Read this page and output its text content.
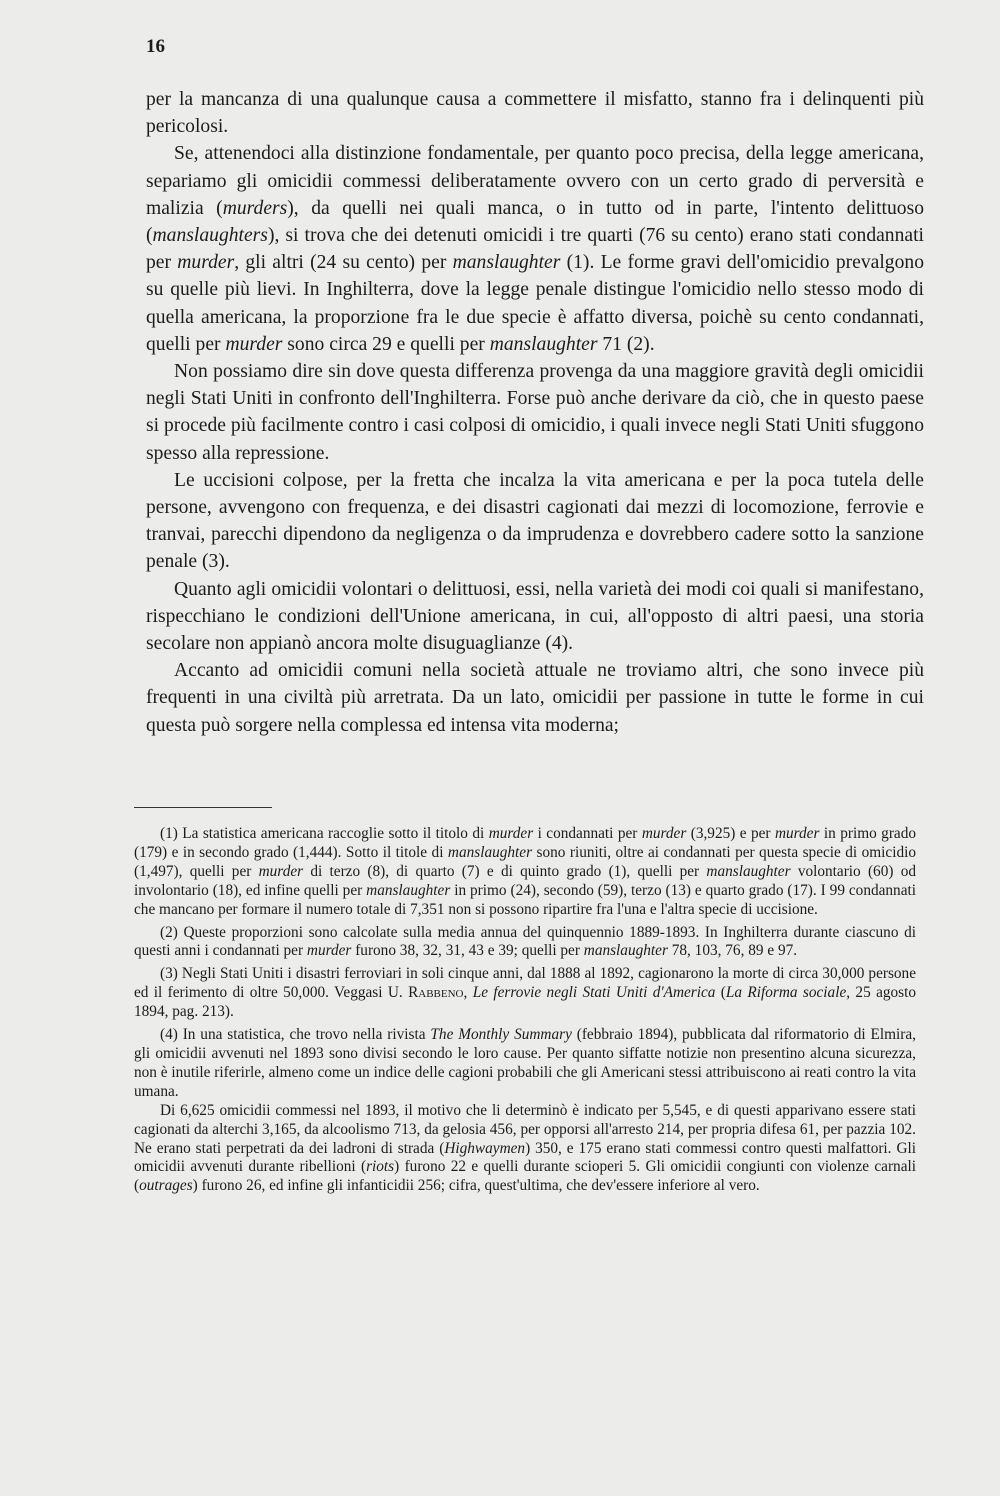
16

per la mancanza di una qualunque causa a commettere il misfatto, stanno fra i delinquenti più pericolosi.

Se, attenendoci alla distinzione fondamentale, per quanto poco precisa, della legge americana, separiamo gli omicidii commessi deliberatamente ovvero con un certo grado di perversità e malizia (murders), da quelli nei quali manca, o in tutto od in parte, l'intento delittuoso (manslaughters), si trova che dei detenuti omicidi i tre quarti (76 su cento) erano stati condannati per murder, gli altri (24 su cento) per manslaughter (1). Le forme gravi dell'omicidio prevalgono su quelle più lievi. In Inghilterra, dove la legge penale distingue l'omicidio nello stesso modo di quella americana, la proporzione fra le due specie è affatto diversa, poichè su cento condannati, quelli per murder sono circa 29 e quelli per manslaughter 71 (2).

Non possiamo dire sin dove questa differenza provenga da una maggiore gravità degli omicidii negli Stati Uniti in confronto dell'Inghilterra. Forse può anche derivare da ciò, che in questo paese si procede più facilmente contro i casi colposi di omicidio, i quali invece negli Stati Uniti sfuggono spesso alla repressione.

Le uccisioni colpose, per la fretta che incalza la vita americana e per la poca tutela delle persone, avvengono con frequenza, e dei disastri cagionati dai mezzi di locomozione, ferrovie e tranvai, parecchi dipendono da negligenza o da imprudenza e dovrebbero cadere sotto la sanzione penale (3).

Quanto agli omicidii volontari o delittuosi, essi, nella varietà dei modi coi quali si manifestano, rispecchiano le condizioni dell'Unione americana, in cui, all'opposto di altri paesi, una storia secolare non appianò ancora molte disuguaglianze (4).

Accanto ad omicidii comuni nella società attuale ne troviamo altri, che sono invece più frequenti in una civiltà più arretrata. Da un lato, omicidii per passione in tutte le forme in cui questa può sorgere nella complessa ed intensa vita moderna;

(1) La statistica americana raccoglie sotto il titolo di murder i condannati per murder (3,925) e per murder in primo grado (179) e in secondo grado (1,444). Sotto il titole di manslaughter sono riuniti, oltre ai condannati per questa specie di omicidio (1,497), quelli per murder di terzo (8), di quarto (7) e di quinto grado (1), quelli per manslaughter volontario (60) od involontario (18), ed infine quelli per manslaughter in primo (24), secondo (59), terzo (13) e quarto grado (17). I 99 condannati che mancano per formare il numero totale di 7,351 non si possono ripartire fra l'una e l'altra specie di uccisione.

(2) Queste proporzioni sono calcolate sulla media annua del quinquennio 1889-1893. In Inghilterra durante ciascuno di questi anni i condannati per murder furono 38, 32, 31, 43 e 39; quelli per manslaughter 78, 103, 76, 89 e 97.

(3) Negli Stati Uniti i disastri ferroviari in soli cinque anni, dal 1888 al 1892, cagionarono la morte di circa 30,000 persone ed il ferimento di oltre 50,000. Veggasi U. Rabbeno, Le ferrovie negli Stati Uniti d'America (La Riforma sociale, 25 agosto 1894, pag. 213).

(4) In una statistica, che trovo nella rivista The Monthly Summary (febbraio 1894), pubblicata dal riformatorio di Elmira, gli omicidii avvenuti nel 1893 sono divisi secondo le loro cause. Per quanto siffatte notizie non presentino alcuna sicurezza, non è inutile riferirle, almeno come un indice delle cagioni probabili che gli Americani stessi attribuiscono ai reati contro la vita umana.

Di 6,625 omicidii commessi nel 1893, il motivo che li determinò è indicato per 5,545, e di questi apparivano essere stati cagionati da alterchi 3,165, da alcoolismo 713, da gelosia 456, per opporsi all'arresto 214, per propria difesa 61, per pazzia 102. Ne erano stati perpetrati da dei ladroni di strada (Highwaymen) 350, e 175 erano stati commessi contro questi malfattori. Gli omicidii avvenuti durante ribellioni (riots) furono 22 e quelli durante scioperi 5. Gli omicidii congiunti con violenze carnali (outrages) furono 26, ed infine gli infanticidii 256; cifra, quest'ultima, che dev'essere inferiore al vero.
